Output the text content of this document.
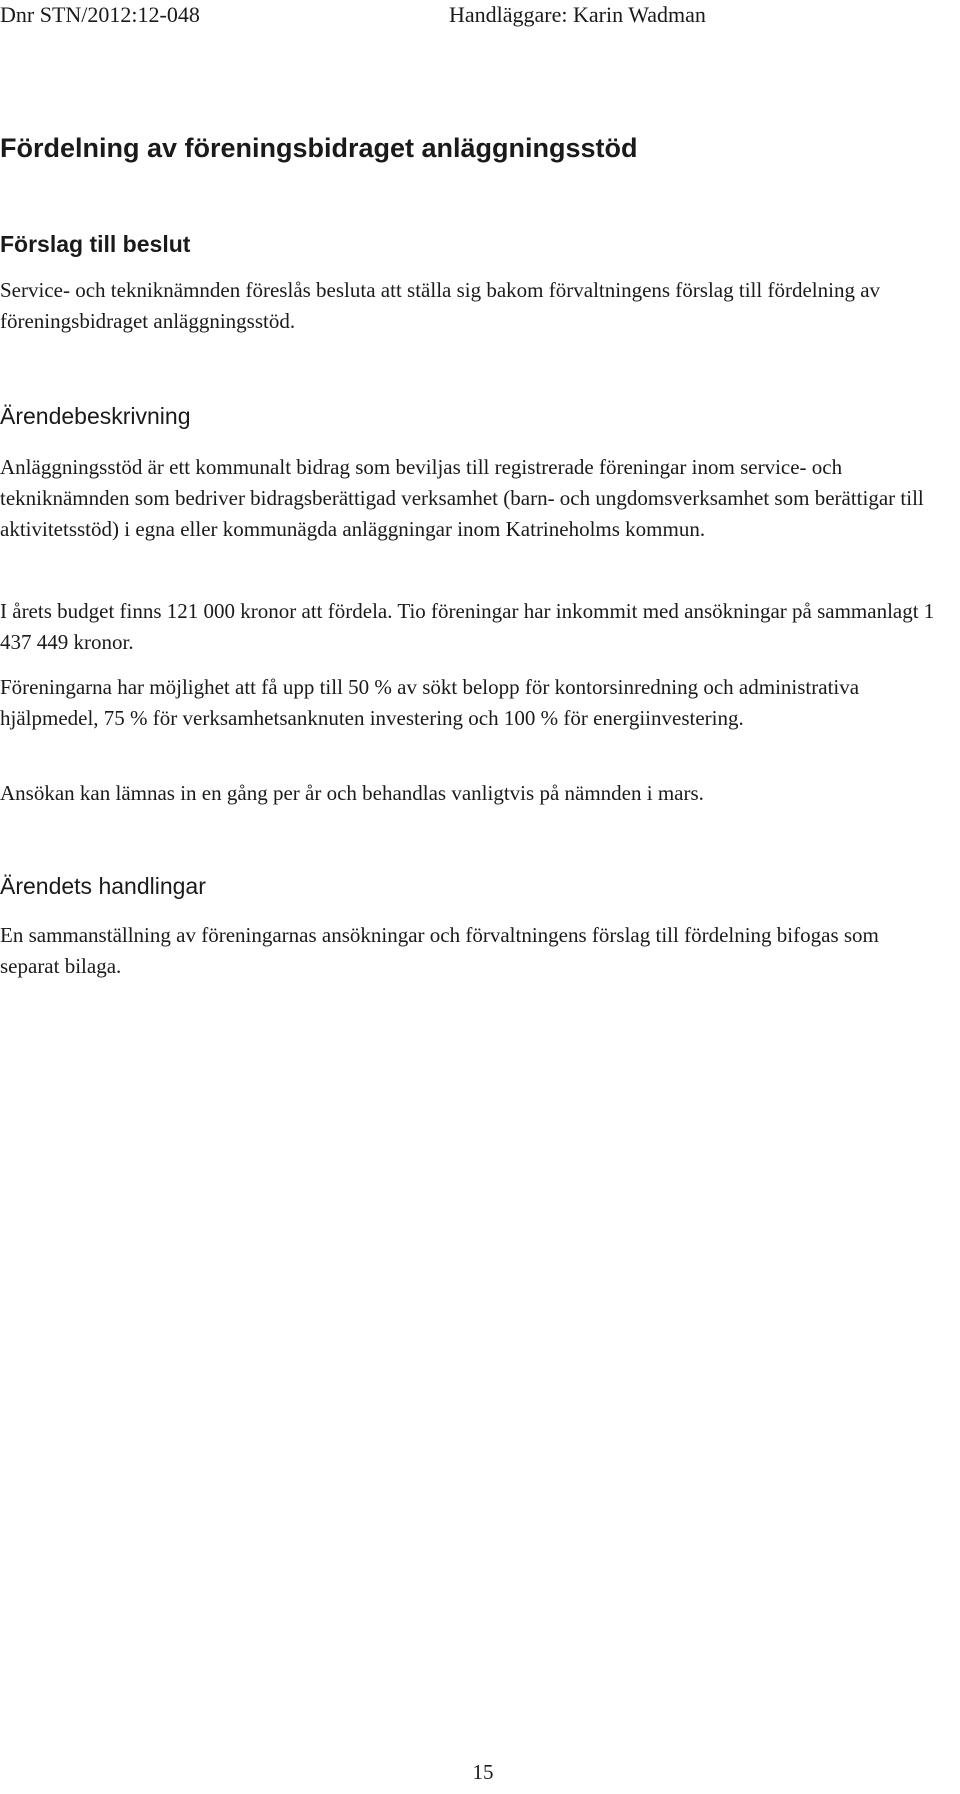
Dnr STN/2012:12-048	Handläggare: Karin Wadman
Fördelning av föreningsbidraget anläggningsstöd
Förslag till beslut

Service- och tekniknämnden föreslås besluta att ställa sig bakom förvaltningens förslag till fördelning av föreningsbidraget anläggningsstöd.

Ärendebeskrivning

Anläggningsstöd är ett kommunalt bidrag som beviljas till registrerade föreningar inom service- och tekniknämnden som bedriver bidragsberättigad verksamhet (barn- och ungdomsverksamhet som berättigar till aktivitetsstöd) i egna eller kommunägda anläggningar inom Katrineholms kommun.

I årets budget finns 121 000 kronor att fördela. Tio föreningar har inkommit med ansökningar på sammanlagt 1 437 449 kronor.

Föreningarna har möjlighet att få upp till 50 % av sökt belopp för kontorsinredning och administrativa hjälpmedel, 75 % för verksamhetsanknuten investering och 100 % för energiinvestering.

Ansökan kan lämnas in en gång per år och behandlas vanligtvis på nämnden i mars.

Ärendets handlingar

En sammanställning av föreningarnas ansökningar och förvaltningens förslag till fördelning bifogas som separat bilaga.

15
